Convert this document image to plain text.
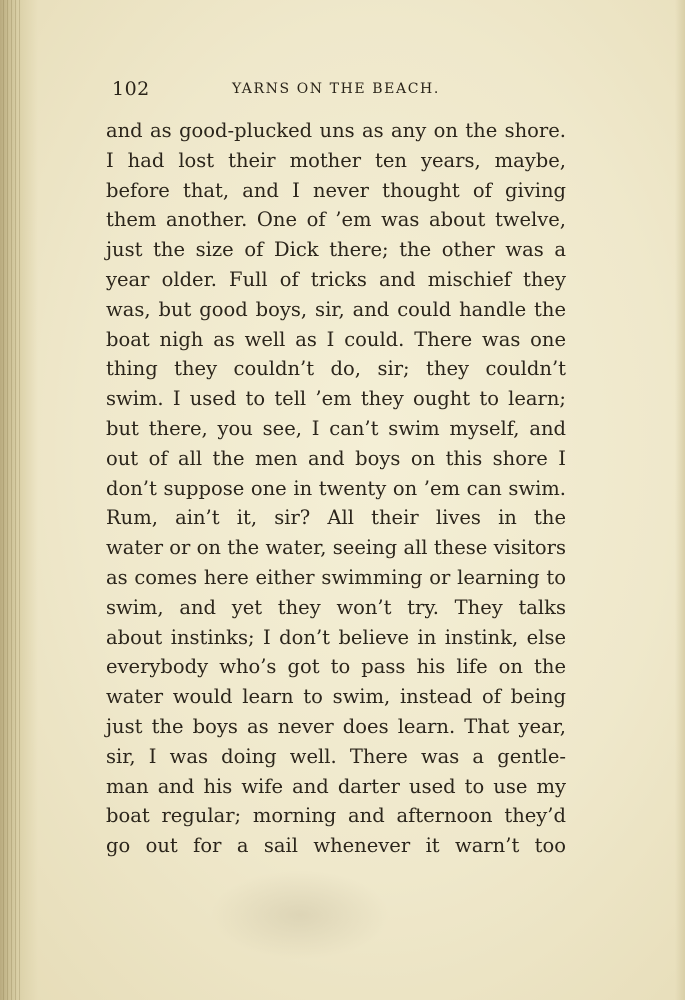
102	YARNS ON THE BEACH.
and as good-plucked uns as any on the shore.
I had lost their mother ten years, maybe,
before that, and I never thought of giving
them another. One of ’em was about twelve,
just the size of Dick there; the other was a
year older. Full of tricks and mischief they
was, but good boys, sir, and could handle the
boat nigh as well as I could. There was one
thing they couldn’t do, sir; they couldn’t
swim. I used to tell ’em they ought to learn;
but there, you see, I can’t swim myself, and
out of all the men and boys on this shore I
don’t suppose one in twenty on ’em can swim.
Rum, ain’t it, sir? All their lives in the
water or on the water, seeing all these visitors
as comes here either swimming or learning to
swim, and yet they won’t try. They talks
about instinks; I don’t believe in instink, else
everybody who’s got to pass his life on the
water would learn to swim, instead of being
just the boys as never does learn. That year,
sir, I was doing well. There was a gentle-
man and his wife and darter used to use my
boat regular; morning and afternoon they’d
go out for a sail whenever it warn’t too
